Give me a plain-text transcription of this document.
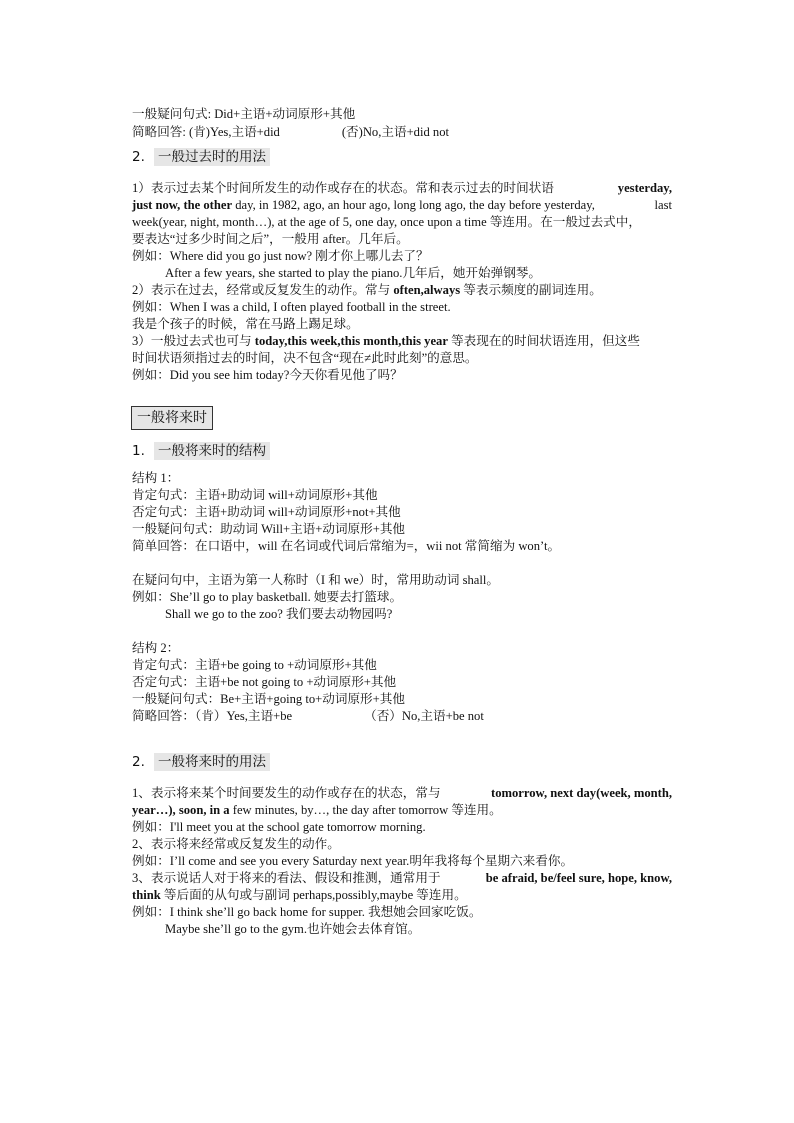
一般疑问句式: Did+主语+动词原形+其他
简略回答: (肯)Yes,主语+did	(否)No,主语+did not
2. 一般过去时的用法
1）表示过去某个时间所发生的动作或存在的状态。常和表示过去的时间状语	yesterday,
just now, the other day, in 1982, ago, an hour ago, long long ago, the day before yesterday,	last
week(year, night, month…), at the age of 5, one day, once upon a time 等连用。在一般过去式中，
要表达“过多少时间之后”，一般用 after。几年后。
例如：Where did you go just now? 刚才你上哪儿去了？
After a few years, she started to play the piano.几年后，她开始弹钢琴。
2）表示在过去，经常或反复发生的动作。常与 often,always 等表示频度的副词连用。
例如：When I was a child, I often played football in the street.
我是个孩子的时候，常在马路上踢足球。
3）一般过去式也可与 today,this week,this month,this year 等表现在的时间状语连用，但这些
时间状语须指过去的时间，决不包含“现在≠此时此刻”的意思。
例如：Did you see him today?今天你看见他了吗？
一般将来时
1. 一般将来时的结构
结构 1：
肯定句式：主语+助动词 will+动词原形+其他
否定句式：主语+助动词 will+动词原形+not+其他
一般疑问句式：助动词 Will+主语+动词原形+其他
简单回答：在口语中，will 在名词或代词后常缩为=，wii not 常简缩为 won’t。
在疑问句中，主语为第一人称时（I 和 we）时，常用助动词 shall。
例如：She’ll go to play basketball. 她要去打篮球。
Shall we go to the zoo? 我们要去动物园吗?
结构 2：
肯定句式：主语+be going to +动词原形+其他
否定句式：主语+be not going to +动词原形+其他
一般疑问句式：Be+主语+going to+动词原形+其他
简略回答：（肯）Yes,主语+be	（否）No,主语+be not
2. 一般将来时的用法
1、表示将来某个时间要发生的动作或存在的状态，常与	tomorrow, next day(week, month,
year…), soon, in a few minutes, by…, the day after tomorrow 等连用。
例如：I'll meet you at the school gate tomorrow morning.
2、表示将来经常或反复发生的动作。
例如：I’ll come and see you every Saturday next year.明年我将每个星期六来看你。
3、表示说话人对于将来的看法、假设和推测，通常用于	be afraid, be/feel sure, hope, know,
think 等后面的从句或与副词 perhaps,possibly,maybe 等连用。
例如：I think she’ll go back home for supper. 我想她会回家吃饭。
Maybe she’ll go to the gym.也许她会去体育馆。
